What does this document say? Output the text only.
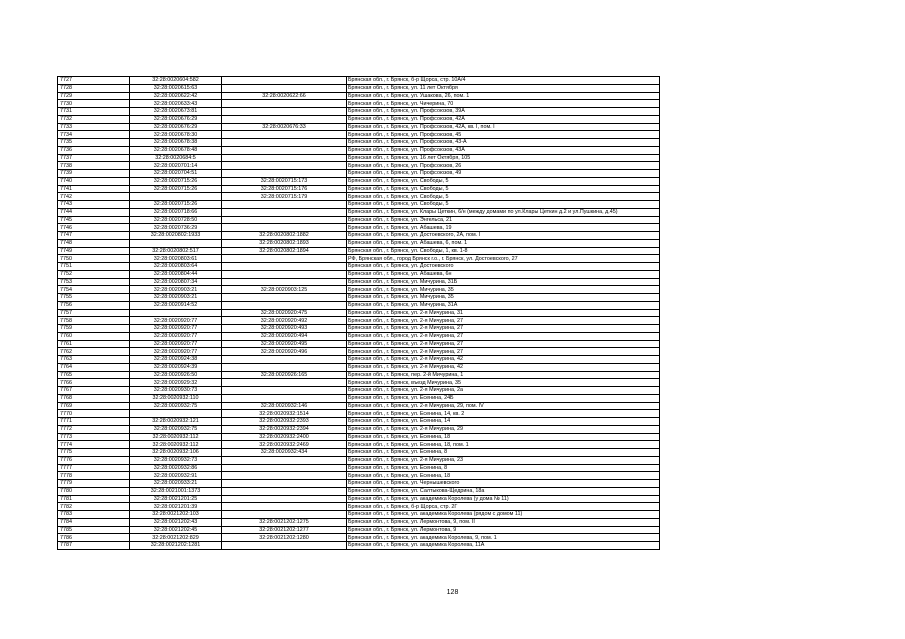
7727	32:28:0020604:582		Брянская обл., г. Брянск, б-р Щорса, стр. 10А/4
7728	32:28:0020615:63		Брянская обл., г. Брянск, ул. 11 лет Октября
7729	32:28:0020622:42	32:28:0020622:66	Брянская обл., г. Брянск, ул. Ушакова, 26, пом. 1
7730	32:28:0020633:43		Брянская обл., г. Брянск, ул. Чичерина, 70
7731	32:28:0020673:81		Брянская обл., г. Брянск, ул. Профсоюзов, 39А
7732	32:28:0020676:29		Брянская обл., г. Брянск, ул. Профсоюзов, 42А
7733	32:28:0020676:29	32:28:0020676:33	Брянская обл., г. Брянск, ул. Профсоюзов, 42А, кв. I, пом. I
7734	32:28:0020678:30		Брянская обл., г. Брянск, ул. Профсоюзов, 45
7735	32:28:0020678:38		Брянская обл., г. Брянск, ул. Профсоюзов, 43-А
7736	32:28:0020678:48		Брянская обл., г. Брянск, ул. Профсоюзов, 43А
7737	32:28:0020684:5		Брянская обл., г. Брянск, ул. 16 лет Октября, 105
7738	32:28:0020701:14		Брянская обл., г. Брянск, ул. Профсоюзов, 26
7739	32:28:0020704:51		Брянская обл., г. Брянск, ул. Профсоюзов, 49
7740	32:28:0020715:26	32:28:0020715:173	Брянская обл., г. Брянск, ул. Свободы, 5
7741	32:28:0020715:26	32:28:0020715:176	Брянская обл., г. Брянск, ул. Свободы, 5
7742		32:28:0020715:179	Брянская обл., г. Брянск, ул. Свободы, 5
7743	32:28:0020715:26		Брянская обл., г. Брянск, ул. Свободы, 5
7744	32:28:0020718:66		Брянская обл., г. Брянск, ул. Клары Цеткин, 6/н (между домами по ул.Клары Цеткин д.2 и ул.Пушкина, д.45)
7745	32:28:0020728:50		Брянская обл., г. Брянск, ул. Энгельса, 21
7746	32:28:0020736:29		Брянская обл., г. Брянск, ул. Абашева, 19
7747	32:28:0020802:1933	32:28:0020802:1882	Брянская обл., г. Брянск, ул. Достоевского, 2А, пом. I
7748		32:28:0020802:1893	Брянская обл., г. Брянск, ул. Абашева, 6, пом. 1
7749	32:28:0020802:517	32:28:0020802:1894	Брянская обл., г. Брянск, ул. Свободы, 1, кв. 1-8
7750	32:28:0020803:61		РФ, Брянская обл., город Брянск г.о., г. Брянск, ул. Достоевского, 27
7751	32:28:0020803:64		Брянская обл., г. Брянск, ул. Достоевского
7752	32:28:0020804:44		Брянская обл., г. Брянск, ул. Абашева, 6н
7753	32:28:0020807:34		Брянская обл., г. Брянск, ул. Мичурина, 31Б
7754	32:28:0020903:21	32:28:0020903:125	Брянская обл., г. Брянск, ул. Мичурина, 35
7755	32:28:0020903:21		Брянская обл., г. Брянск, ул. Мичурина, 35
7756	32:28:0020914:52		Брянская обл., г. Брянск, ул. Мичурина, 31А
7757		32:28:0020920:475	Брянская обл., г. Брянск, ул. 2-я Мичурина, 31
7758	32:28:0020920:77	32:28:0020920:492	Брянская обл., г. Брянск, ул. 2-я Мичурина, 27
7759	32:28:0020920:77	32:28:0020920:493	Брянская обл., г. Брянск, ул. 2-я Мичурина, 27
7760	32:28:0020920:77	32:28:0020920:494	Брянская обл., г. Брянск, ул. 2-я Мичурина, 27
7761	32:28:0020920:77	32:28:0020920:495	Брянская обл., г. Брянск, ул. 2-я Мичурина, 27
7762	32:28:0020920:77	32:28:0020920:496	Брянская обл., г. Брянск, ул. 2-я Мичурина, 27
7763	32:28:0020924:38		Брянская обл., г. Брянск, ул. 2-я Мичурина, 42
7764	32:28:0020924:39		Брянская обл., г. Брянск, ул. 2-я Мичурина, 42
7765	32:28:0020926:50	32:28:0020926:165	Брянская обл., г. Брянск, пер. 2-й Мичурина, 1
7766	32:28:0020929:32		Брянская обл., г. Брянск, въезд Мичурина, 35
7767	32:28:0020930:73		Брянская обл., г. Брянск, ул. 2-я Мичурина, 2а
7768	32:28:0020932:110		Брянская обл., г. Брянск, ул. Есенина, 24Б
7769	32:28:0020932:75	32:28:0020932:146	Брянская обл., г. Брянск, ул. 2-я Мичурина, 29, пом. IV
7770		32:28:0020932:1514	Брянская обл., г. Брянск, ул. Есенина, 14, кв. 2
7771	32:28:0020932:121	32:28:0020932:2393	Брянская обл., г. Брянск, ул. Есенина, 14
7772	32:28:0020932:75	32:28:0020932:2394	Брянская обл., г. Брянск, ул. 2-я Мичурина, 29
7773	32:28:0020932:112	32:28:0020932:2400	Брянская обл., г. Брянск, ул. Есенина, 18
7774	32:28:0020932:112	32:28:0020932:2469	Брянская обл., г. Брянск, ул. Есенина, 18, пом. 1
7775	32:28:0020932:106	32:28:0020932:434	Брянская обл., г. Брянск, ул. Есенина, 8
7776	32:28:0020932:73		Брянская обл., г. Брянск, ул. 2-я Мичурина, 23
7777	32:28:0020932:86		Брянская обл., г. Брянск, ул. Есенина, 8
7778	32:28:0020932:91		Брянская обл., г. Брянск, ул. Есенина, 18
7779	32:28:0020933:21		Брянская обл., г. Брянск, ул. Чернышевского
7780	32:28:0021001:1373		Брянская обл., г. Брянск, ул. Салтыкова-Щедрина, 18а
7781	32:28:0021201:25		Брянская обл., г. Брянск, ул. академика Королева (у дома № 11)
7782	32:28:0021201:39		Брянская обл., г. Брянск, б-р Щорса, стр. 2Г
7783	32:28:0021202:103		Брянская обл., г. Брянск, ул. академика Королева (рядом с домом 11)
7784	32:28:0021202:43	32:28:0021202:1275	Брянская обл., г. Брянск, ул. Лермонтова, 9, пом. II
7785	32:28:0021202:45	32:28:0021202:1277	Брянская обл., г. Брянск, ул. Лермонтова, 9
7786	32:28:0021202:829	32:28:0021202:1280	Брянская обл., г. Брянск, ул. академика Королева, 9, пом. 1
7787	32:28:0021202:1281		Брянская обл., г. Брянск, ул. академика Королева, 11А
128
